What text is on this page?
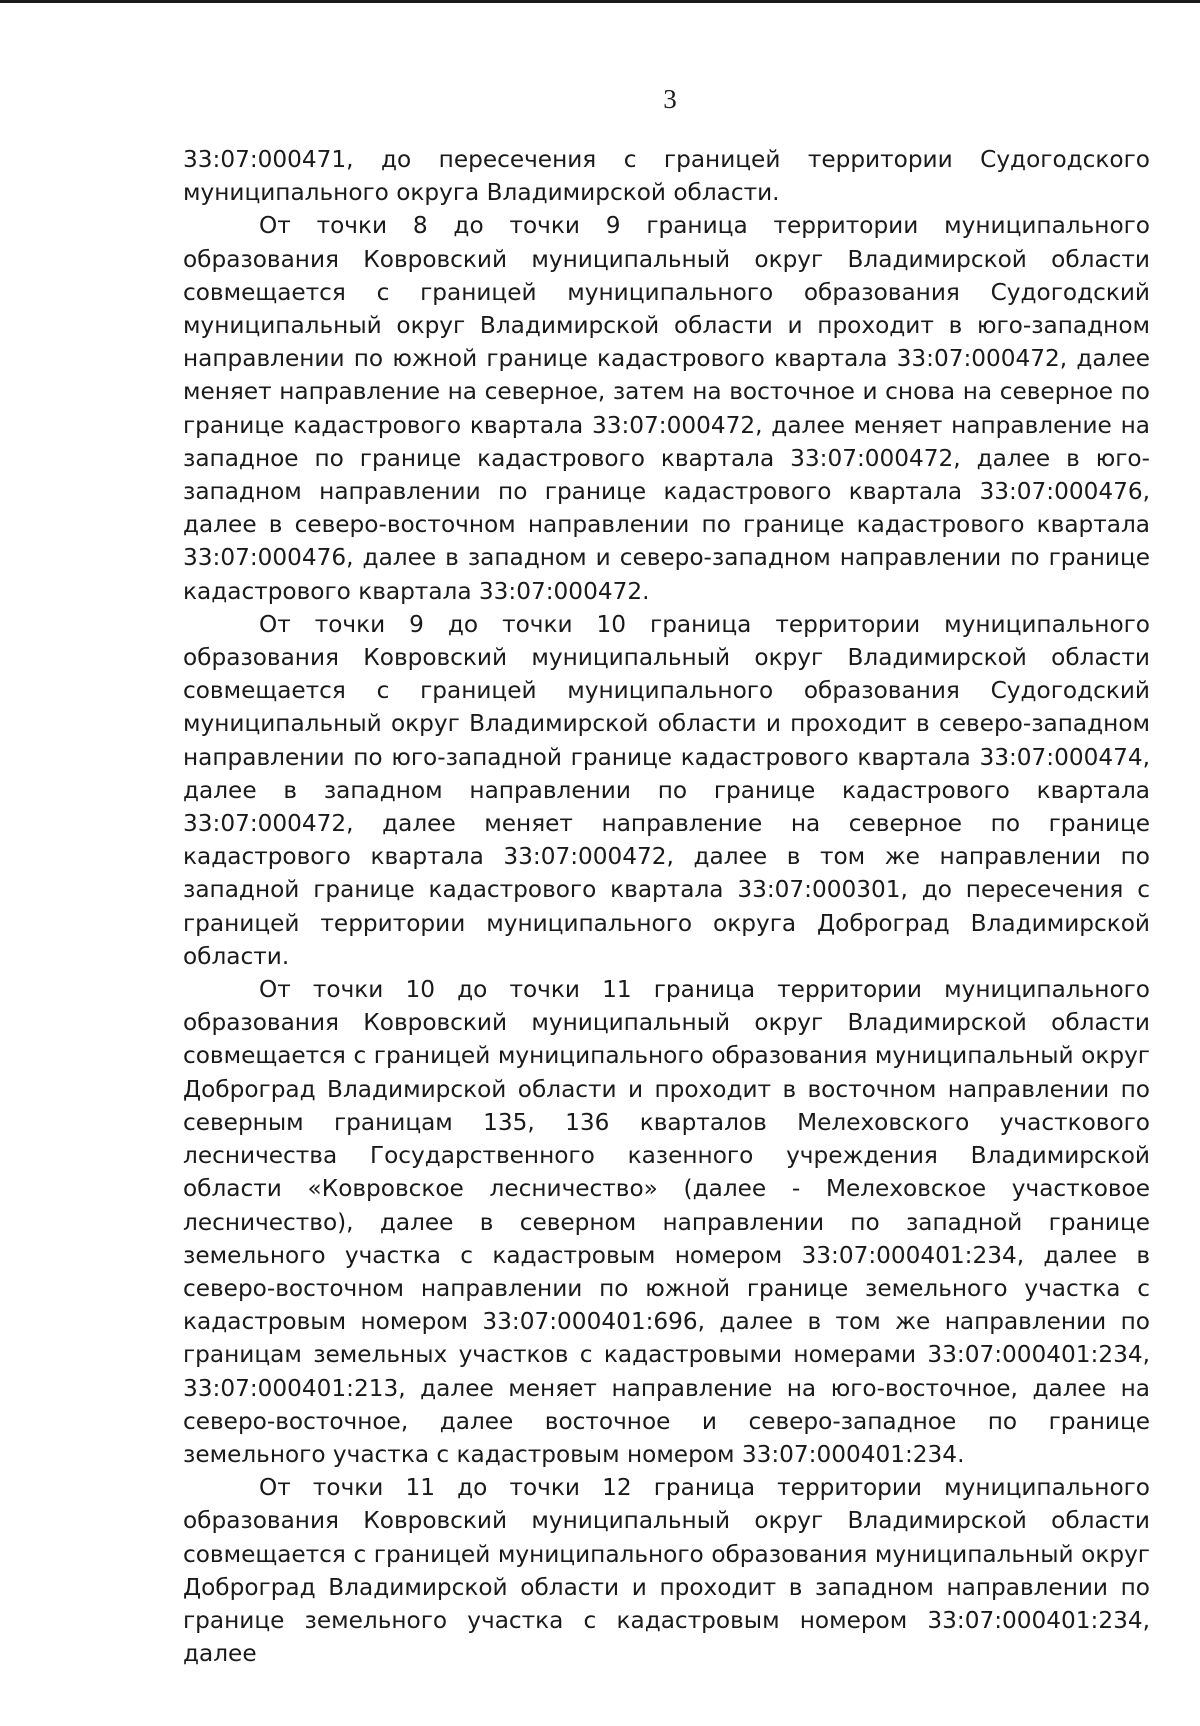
3

33:07:000471, до пересечения с границей территории Судогодского муниципального округа Владимирской области.

От точки 8 до точки 9 граница территории муниципального образования Ковровский муниципальный округ Владимирской области совмещается с границей муниципального образования Судогодский муниципальный округ Владимирской области и проходит в юго-западном направлении по южной границе кадастрового квартала 33:07:000472, далее меняет направление на северное, затем на восточное и снова на северное по границе кадастрового квартала 33:07:000472, далее меняет направление на западное по границе кадастрового квартала 33:07:000472, далее в юго-западном направлении по границе кадастрового квартала 33:07:000476, далее в северо-восточном направлении по границе кадастрового квартала 33:07:000476, далее в западном и северо-западном направлении по границе кадастрового квартала 33:07:000472.

От точки 9 до точки 10 граница территории муниципального образования Ковровский муниципальный округ Владимирской области совмещается с границей муниципального образования Судогодский муниципальный округ Владимирской области и проходит в северо-западном направлении по юго-западной границе кадастрового квартала 33:07:000474, далее в западном направлении по границе кадастрового квартала 33:07:000472, далее меняет направление на северное по границе кадастрового квартала 33:07:000472, далее в том же направлении по западной границе кадастрового квартала 33:07:000301, до пересечения с границей территории муниципального округа Доброград Владимирской области.

От точки 10 до точки 11 граница территории муниципального образования Ковровский муниципальный округ Владимирской области совмещается с границей муниципального образования муниципальный округ Доброград Владимирской области и проходит в восточном направлении по северным границам 135, 136 кварталов Мелеховского участкового лесничества Государственного казенного учреждения Владимирской области «Ковровское лесничество» (далее - Мелеховское участковое лесничество), далее в северном направлении по западной границе земельного участка с кадастровым номером 33:07:000401:234, далее в северо-восточном направлении по южной границе земельного участка с кадастровым номером 33:07:000401:696, далее в том же направлении по границам земельных участков с кадастровыми номерами 33:07:000401:234, 33:07:000401:213, далее меняет направление на юго-восточное, далее на северо-восточное, далее восточное и северо-западное по границе земельного участка с кадастровым номером 33:07:000401:234.

От точки 11 до точки 12 граница территории муниципального образования Ковровский муниципальный округ Владимирской области совмещается с границей муниципального образования муниципальный округ Доброград Владимирской области и проходит в западном направлении по границе земельного участка с кадастровым номером 33:07:000401:234, далее
